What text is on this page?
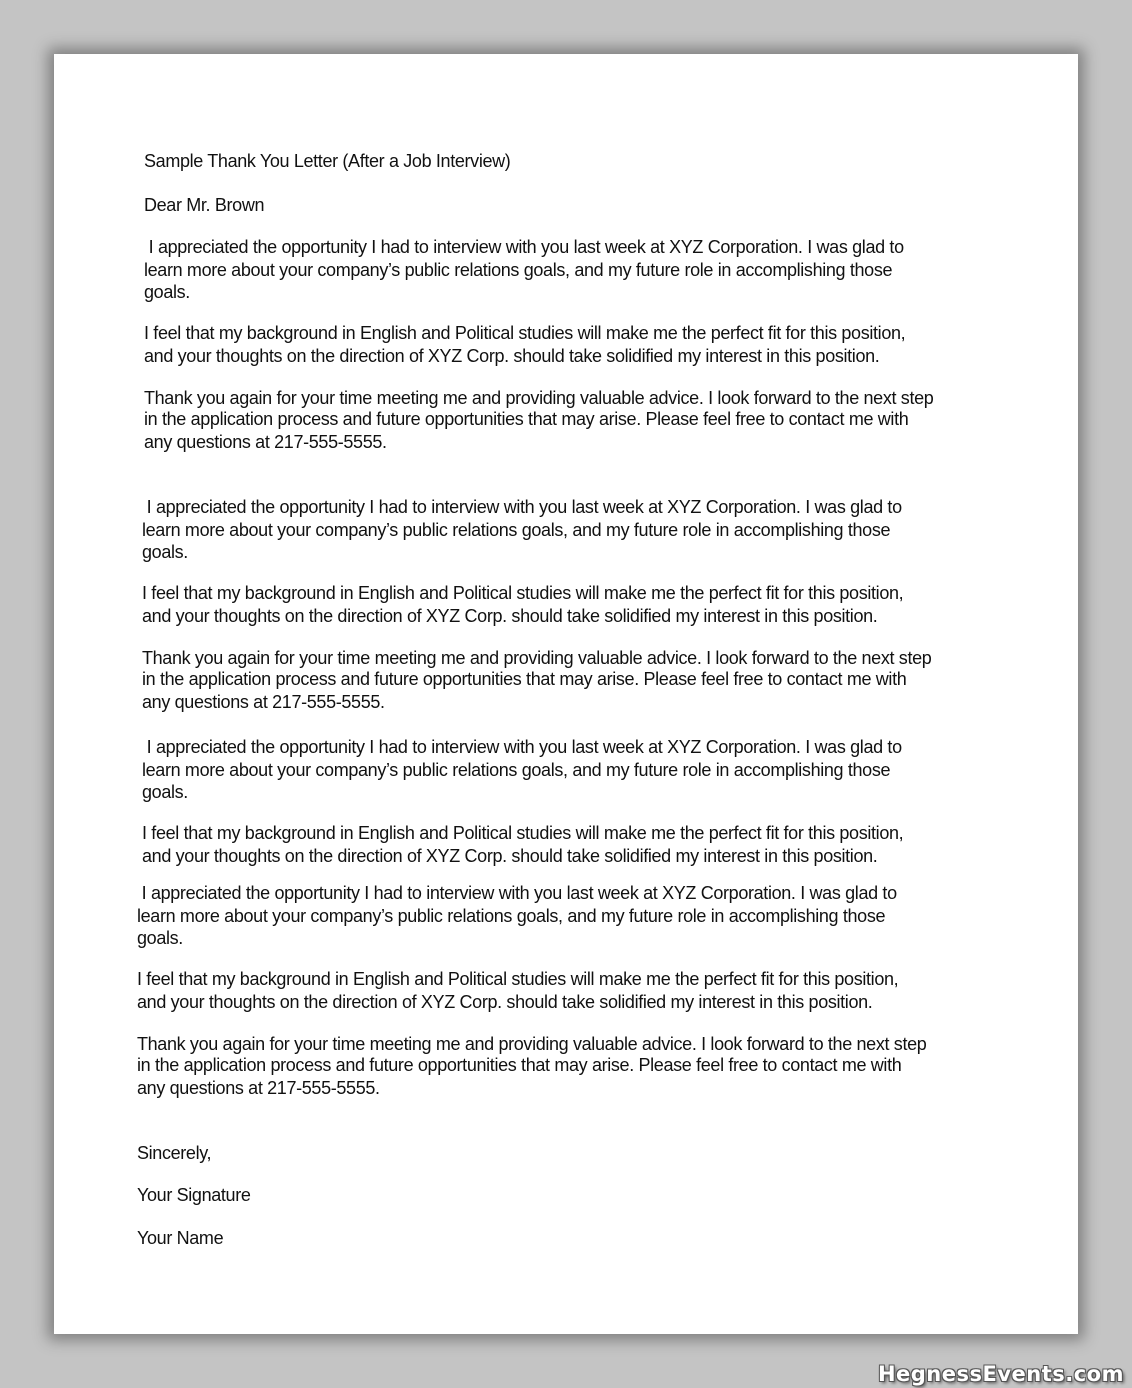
Sample Thank You Letter (After a Job Interview)
Dear Mr. Brown
I appreciated the opportunity I had to interview with you last week at XYZ Corporation. I was glad to
learn more about your company’s public relations goals, and my future role in accomplishing those
goals.
I feel that my background in English and Political studies will make me the perfect fit for this position,
and your thoughts on the direction of XYZ Corp. should take solidified my interest in this position.
Thank you again for your time meeting me and providing valuable advice. I look forward to the next step
in the application process and future opportunities that may arise. Please feel free to contact me with
any questions at 217-555-5555.
I appreciated the opportunity I had to interview with you last week at XYZ Corporation. I was glad to
learn more about your company’s public relations goals, and my future role in accomplishing those
goals.
I feel that my background in English and Political studies will make me the perfect fit for this position,
and your thoughts on the direction of XYZ Corp. should take solidified my interest in this position.
Thank you again for your time meeting me and providing valuable advice. I look forward to the next step
in the application process and future opportunities that may arise. Please feel free to contact me with
any questions at 217-555-5555.
I appreciated the opportunity I had to interview with you last week at XYZ Corporation. I was glad to
learn more about your company’s public relations goals, and my future role in accomplishing those
goals.
I feel that my background in English and Political studies will make me the perfect fit for this position,
and your thoughts on the direction of XYZ Corp. should take solidified my interest in this position.
I appreciated the opportunity I had to interview with you last week at XYZ Corporation. I was glad to
learn more about your company’s public relations goals, and my future role in accomplishing those
goals.
I feel that my background in English and Political studies will make me the perfect fit for this position,
and your thoughts on the direction of XYZ Corp. should take solidified my interest in this position.
Thank you again for your time meeting me and providing valuable advice. I look forward to the next step
in the application process and future opportunities that may arise. Please feel free to contact me with
any questions at 217-555-5555.
Sincerely,
Your Signature
Your Name
HegnessEvents.com
